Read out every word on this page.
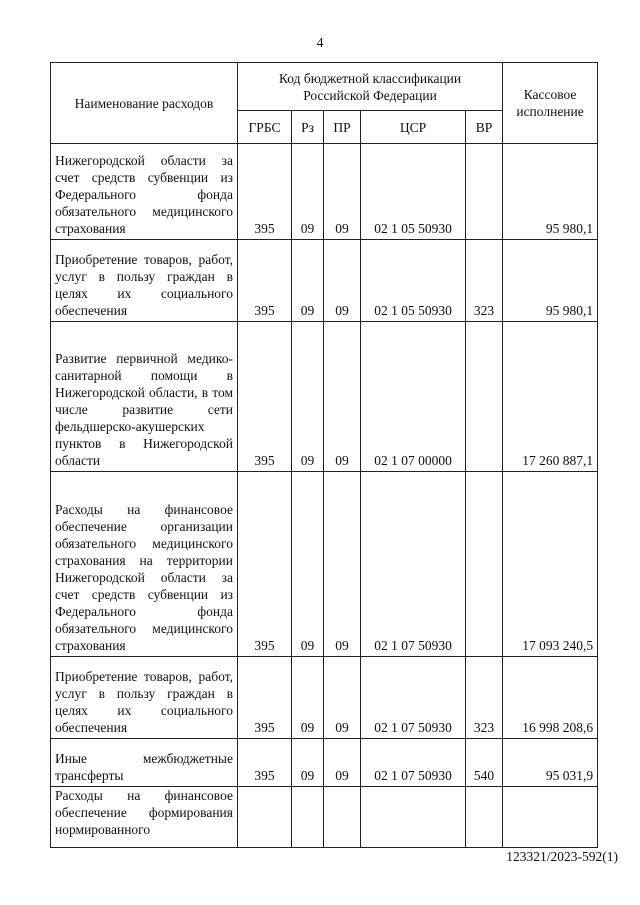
4
Наименование расходов	Код бюджетной классификации Российской Федерации					Кассовое исполнение
	ГРБС	Рз	ПР	ЦСР	ВР	
Нижегородской области за счет средств субвенции из Федерального фонда обязательного медицинского страхования	395	09	09	02 1 05 50930		95 980,1
Приобретение товаров, работ, услуг в пользу граждан в целях их социального обеспечения	395	09	09	02 1 05 50930	323	95 980,1
Развитие первичной медико-санитарной помощи в Нижегородской области, в том числе развитие сети фельдшерско-акушерских пунктов в Нижегородской области	395	09	09	02 1 07 00000		17 260 887,1
Расходы на финансовое обеспечение организации обязательного медицинского страхования на территории Нижегородской области за счет средств субвенции из Федерального фонда обязательного медицинского страхования	395	09	09	02 1 07 50930		17 093 240,5
Приобретение товаров, работ, услуг в пользу граждан в целях их социального обеспечения	395	09	09	02 1 07 50930	323	16 998 208,6
Иные межбюджетные трансферты	395	09	09	02 1 07 50930	540	95 031,9
Расходы на финансовое обеспечение формирования нормированного						
123321/2023-592(1)
